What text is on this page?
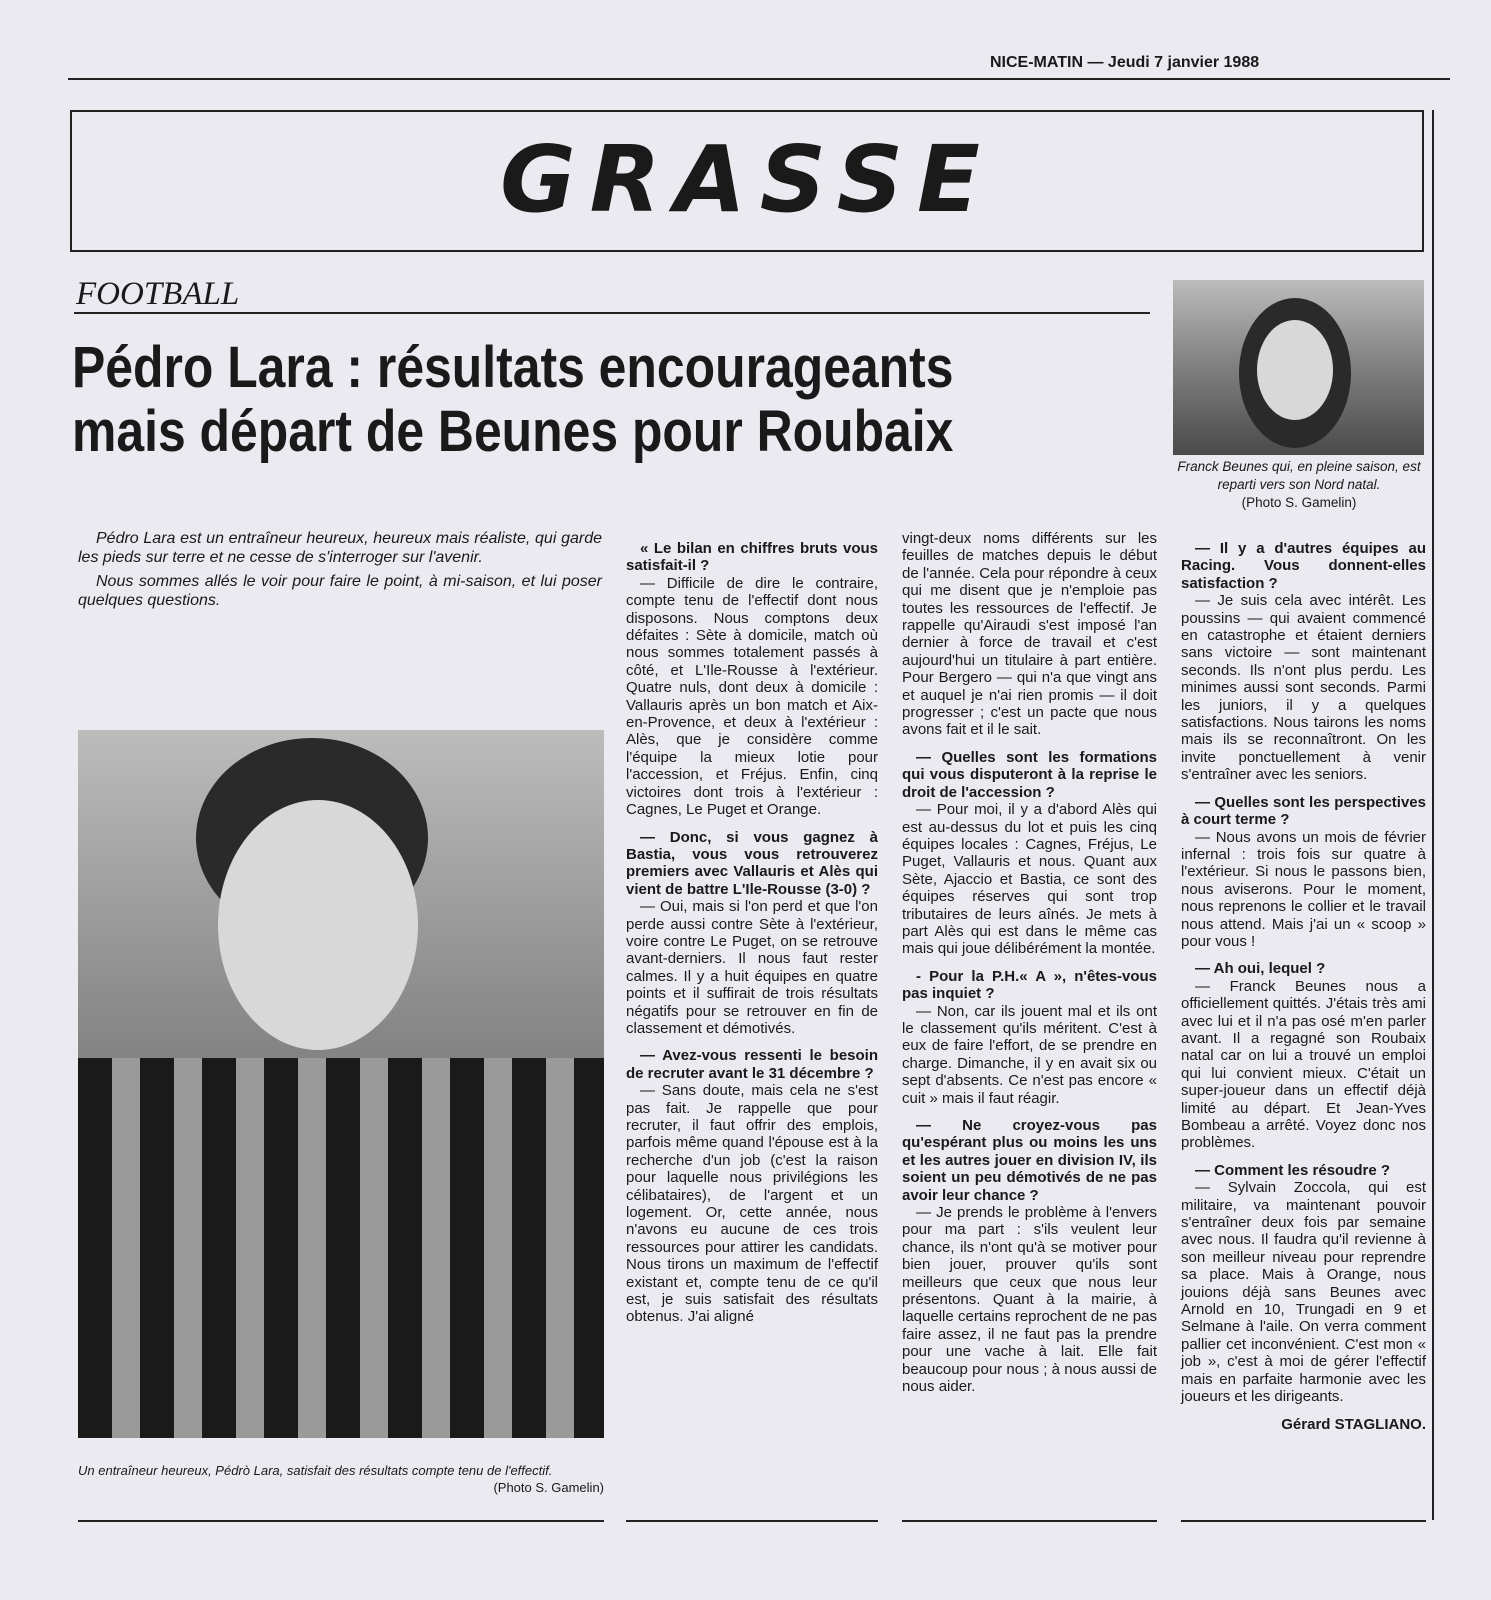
NICE-MATIN — Jeudi 7 janvier 1988
GRASSE
FOOTBALL
Pédro Lara : résultats encourageants
mais départ de Beunes pour Roubaix
Franck Beunes qui, en pleine saison, est reparti vers son Nord natal.
(Photo S. Gamelin)

Pédro Lara est un entraîneur heureux, heureux mais réaliste, qui garde les pieds sur terre et ne cesse de s'interroger sur l'avenir.

Nous sommes allés le voir pour faire le point, à mi-saison, et lui poser quelques questions.

Un entraîneur heureux, Pédrò Lara, satisfait des résultats compte tenu de l'effectif.
(Photo S. Gamelin)

« Le bilan en chiffres bruts vous satisfait-il ?

— Difficile de dire le contraire, compte tenu de l'effectif dont nous disposons. Nous comptons deux défaites : Sète à domicile, match où nous sommes totalement passés à côté, et L'Ile-Rousse à l'extérieur. Quatre nuls, dont deux à domicile : Vallauris après un bon match et Aix-en-Provence, et deux à l'extérieur : Alès, que je considère comme l'équipe la mieux lotie pour l'accession, et Fréjus. Enfin, cinq victoires dont trois à l'extérieur : Cagnes, Le Puget et Orange.

— Donc, si vous gagnez à Bastia, vous vous retrouverez premiers avec Vallauris et Alès qui vient de battre L'Ile-Rousse (3-0) ?

— Oui, mais si l'on perd et que l'on perde aussi contre Sète à l'extérieur, voire contre Le Puget, on se retrouve avant-derniers. Il nous faut rester calmes. Il y a huit équipes en quatre points et il suffirait de trois résultats négatifs pour se retrouver en fin de classement et démotivés.

— Avez-vous ressenti le besoin de recruter avant le 31 décembre ?

— Sans doute, mais cela ne s'est pas fait. Je rappelle que pour recruter, il faut offrir des emplois, parfois même quand l'épouse est à la recherche d'un job (c'est la raison pour laquelle nous privilégions les célibataires), de l'argent et un logement. Or, cette année, nous n'avons eu aucune de ces trois ressources pour attirer les candidats. Nous tirons un maximum de l'effectif existant et, compte tenu de ce qu'il est, je suis satisfait des résultats obtenus. J'ai aligné

vingt-deux noms différents sur les feuilles de matches depuis le début de l'année. Cela pour répondre à ceux qui me disent que je n'emploie pas toutes les ressources de l'effectif. Je rappelle qu'Airaudi s'est imposé l'an dernier à force de travail et c'est aujourd'hui un titulaire à part entière. Pour Bergero — qui n'a que vingt ans et auquel je n'ai rien promis — il doit progresser ; c'est un pacte que nous avons fait et il le sait.

— Quelles sont les formations qui vous disputeront à la reprise le droit de l'accession ?

— Pour moi, il y a d'abord Alès qui est au-dessus du lot et puis les cinq équipes locales : Cagnes, Fréjus, Le Puget, Vallauris et nous. Quant aux Sète, Ajaccio et Bastia, ce sont des équipes réserves qui sont trop tributaires de leurs aînés. Je mets à part Alès qui est dans le même cas mais qui joue délibérément la montée.

- Pour la P.H.« A », n'êtes-vous pas inquiet ?

— Non, car ils jouent mal et ils ont le classement qu'ils méritent. C'est à eux de faire l'effort, de se prendre en charge. Dimanche, il y en avait six ou sept d'absents. Ce n'est pas encore « cuit » mais il faut réagir.

— Ne croyez-vous pas qu'espérant plus ou moins les uns et les autres jouer en division IV, ils soient un peu démotivés de ne pas avoir leur chance ?

— Je prends le problème à l'envers pour ma part : s'ils veulent leur chance, ils n'ont qu'à se motiver pour bien jouer, prouver qu'ils sont meilleurs que ceux que nous leur présentons. Quant à la mairie, à laquelle certains reprochent de ne pas faire assez, il ne faut pas la prendre pour une vache à lait. Elle fait beaucoup pour nous ; à nous aussi de nous aider.

— Il y a d'autres équipes au Racing. Vous donnent-elles satisfaction ?

— Je suis cela avec intérêt. Les poussins — qui avaient commencé en catastrophe et étaient derniers sans victoire — sont maintenant seconds. Ils n'ont plus perdu. Les minimes aussi sont seconds. Parmi les juniors, il y a quelques satisfactions. Nous tairons les noms mais ils se reconnaîtront. On les invite ponctuellement à venir s'entraîner avec les seniors.

— Quelles sont les perspectives à court terme ?

— Nous avons un mois de février infernal : trois fois sur quatre à l'extérieur. Si nous le passons bien, nous aviserons. Pour le moment, nous reprenons le collier et le travail nous attend. Mais j'ai un « scoop » pour vous !

— Ah oui, lequel ?

— Franck Beunes nous a officiellement quittés. J'étais très ami avec lui et il n'a pas osé m'en parler avant. Il a regagné son Roubaix natal car on lui a trouvé un emploi qui lui convient mieux. C'était un super-joueur dans un effectif déjà limité au départ. Et Jean-Yves Bombeau a arrêté. Voyez donc nos problèmes.

— Comment les résoudre ?

— Sylvain Zoccola, qui est militaire, va maintenant pouvoir s'entraîner deux fois par semaine avec nous. Il faudra qu'il revienne à son meilleur niveau pour reprendre sa place. Mais à Orange, nous jouions déjà sans Beunes avec Arnold en 10, Trungadi en 9 et Selmane à l'aile. On verra comment pallier cet inconvénient. C'est mon « job », c'est à moi de gérer l'effectif mais en parfaite harmonie avec les joueurs et les dirigeants.

Gérard STAGLIANO.
